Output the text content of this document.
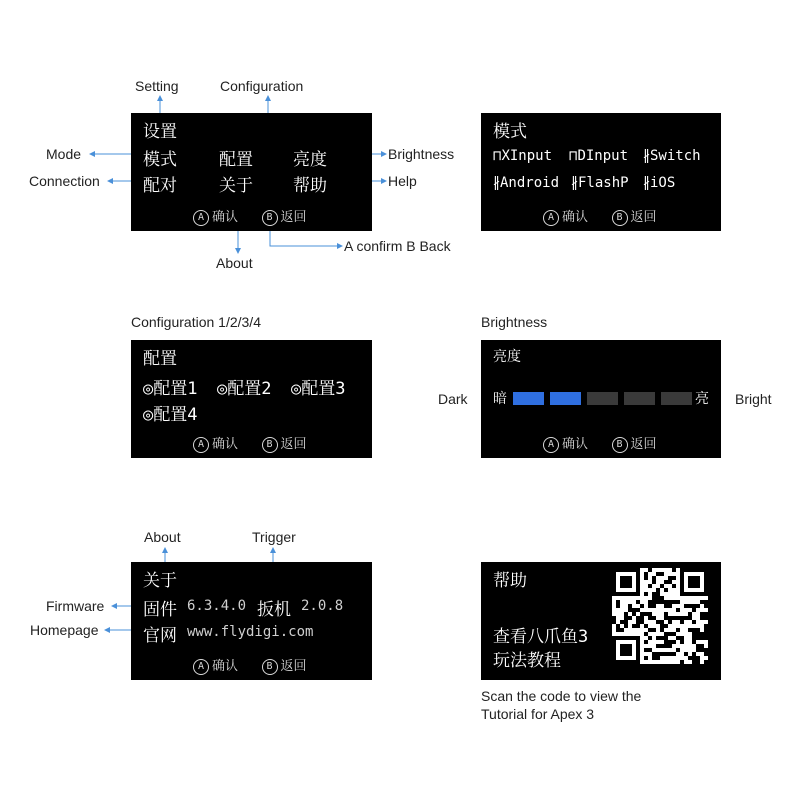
Setting	Configuration
Mode	Brightness
Connection	Help
About
A confirm B Back
Configuration 1/2/3/4	Brightness
Dark	Bright
About	Trigger
Firmware
Homepage
Scan the code to view the
Tutorial for Apex 3
设置
模式 配置 亮度
配对 关于 帮助
A 确认	B 返回
模式
⊓XInput ⊓DInput ∦Switch
∦Android ∦FlashP ∦iOS
A 确认	B 返回
配置
◎配置1 ◎配置2 ◎配置3
◎配置4
A 确认	B 返回
亮度
暗	亮
A 确认	B 返回
关于
固件 6.3.4.0 扳机 2.0.8
官网 www.flydigi.com
A 确认	B 返回
帮助
查看八爪鱼3
玩法教程
